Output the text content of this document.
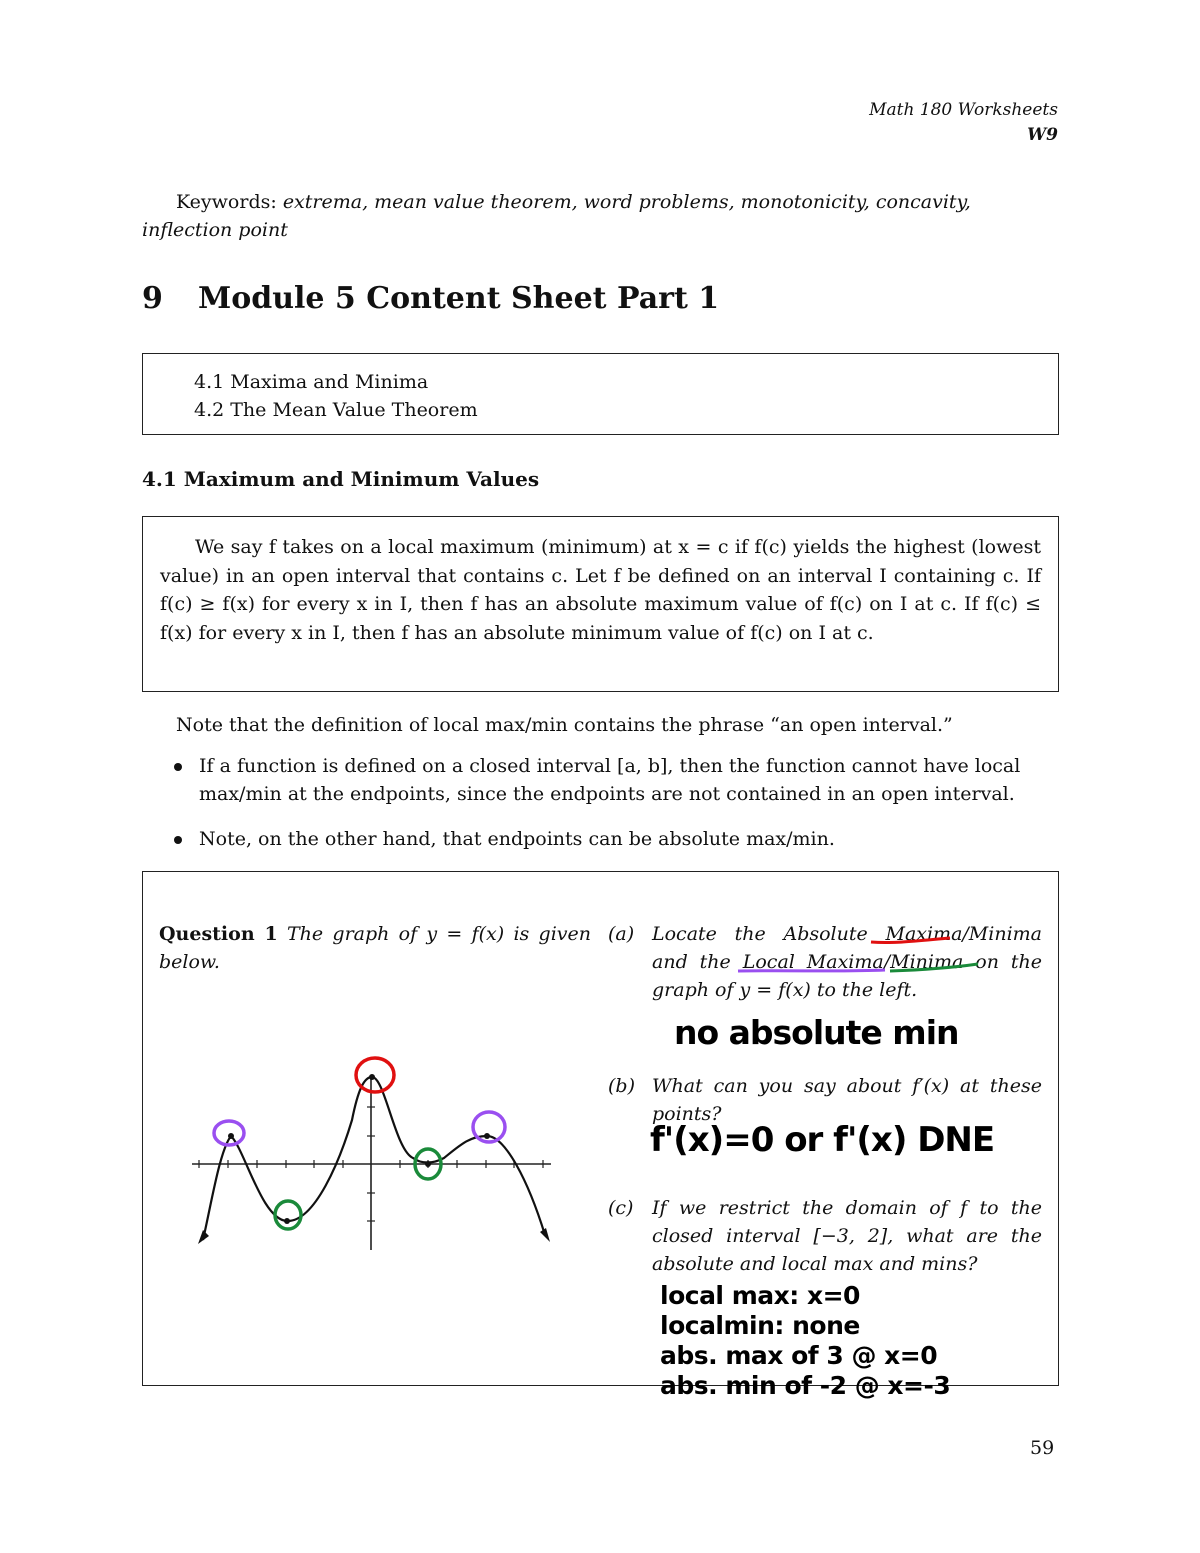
Math 180 Worksheets
W9
Keywords: extrema, mean value theorem, word problems, monotonicity, concavity, inflection point
9 Module 5 Content Sheet Part 1
4.1 Maxima and Minima
4.2 The Mean Value Theorem
4.1 Maximum and Minimum Values
We say f takes on a local maximum (minimum) at x = c if f(c) yields the highest (lowest value) in an open interval that contains c. Let f be defined on an interval I containing c. If f(c) ≥ f(x) for every x in I, then f has an absolute maximum value of f(c) on I at c. If f(c) ≤ f(x) for every x in I, then f has an absolute minimum value of f(c) on I at c.
Note that the definition of local max/min contains the phrase “an open interval.”
If a function is defined on a closed interval [a, b], then the function cannot have local max/min at the endpoints, since the endpoints are not contained in an open interval.
Note, on the other hand, that endpoints can be absolute max/min.
Question 1 The graph of y = f(x) is given below.
(a) Locate the Absolute Maxima/Minima and the Local Maxima/Minima on the graph of y = f(x) to the left.
no absolute min
(b) What can you say about f′(x) at these points?
f'(x)=0 or f'(x) DNE
(c) If we restrict the domain of f to the closed interval [−3, 2], what are the absolute and local max and mins?
local max: x=0
localmin: none
abs. max of 3 @ x=0
abs. min of -2 @ x=-3
59
